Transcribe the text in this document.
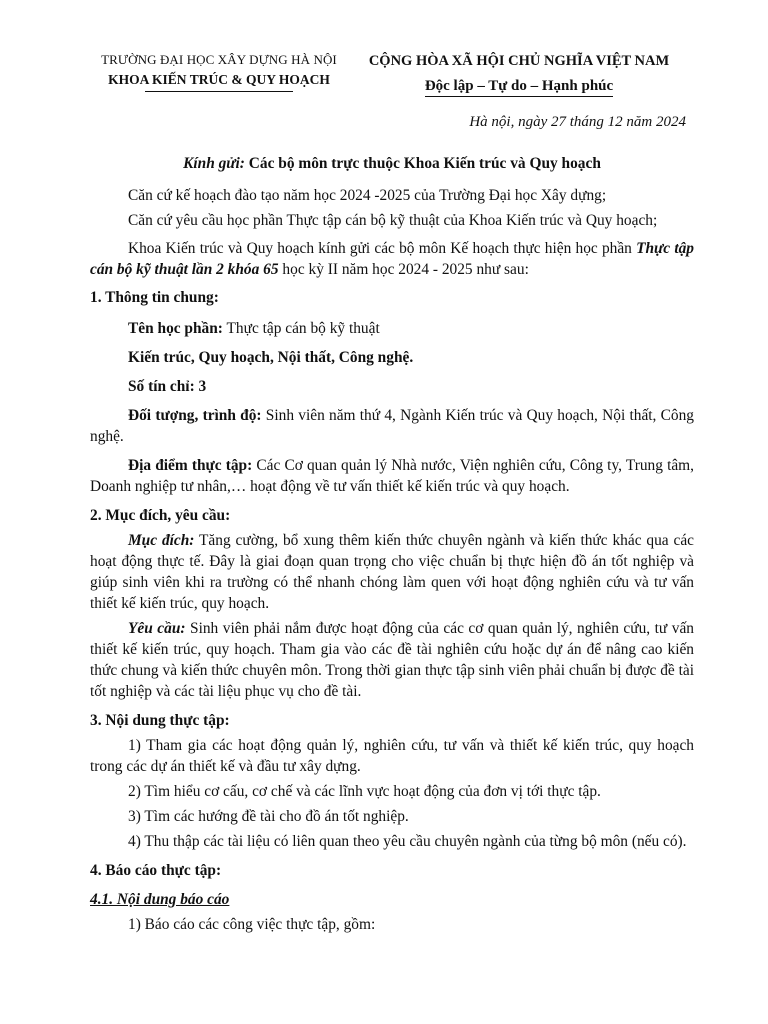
TRƯỜNG ĐẠI HỌC XÂY DỰNG HÀ NỘI
KHOA KIẾN TRÚC & QUY HOẠCH
CỘNG HÒA XÃ HỘI CHỦ NGHĨA VIỆT NAM
Độc lập – Tự do – Hạnh phúc
Hà nội, ngày 27 tháng 12 năm 2024
Kính gửi: Các bộ môn trực thuộc Khoa Kiến trúc và Quy hoạch

Căn cứ kế hoạch đào tạo năm học 2024 -2025 của Trường Đại học Xây dựng;

Căn cứ yêu cầu học phần Thực tập cán bộ kỹ thuật của Khoa Kiến trúc và Quy hoạch;

Khoa Kiến trúc và Quy hoạch kính gửi các bộ môn Kế hoạch thực hiện học phần Thực tập cán bộ kỹ thuật lần 2 khóa 65 học kỳ II năm học 2024 - 2025 như sau:

1. Thông tin chung:

Tên học phần: Thực tập cán bộ kỹ thuật

Kiến trúc, Quy hoạch, Nội thất, Công nghệ.

Số tín chỉ: 3

Đối tượng, trình độ: Sinh viên năm thứ 4, Ngành Kiến trúc và Quy hoạch, Nội thất, Công nghệ.

Địa điểm thực tập: Các Cơ quan quản lý Nhà nước, Viện nghiên cứu, Công ty, Trung tâm, Doanh nghiệp tư nhân,… hoạt động về tư vấn thiết kế kiến trúc và quy hoạch.

2. Mục đích, yêu cầu:

Mục đích: Tăng cường, bổ xung thêm kiến thức chuyên ngành và kiến thức khác qua các hoạt động thực tế. Đây là giai đoạn quan trọng cho việc chuẩn bị thực hiện đồ án tốt nghiệp và giúp sinh viên khi ra trường có thể nhanh chóng làm quen với hoạt động nghiên cứu và tư vấn thiết kế kiến trúc, quy hoạch.

Yêu cầu: Sinh viên phải nắm được hoạt động của các cơ quan quản lý, nghiên cứu, tư vấn thiết kế kiến trúc, quy hoạch. Tham gia vào các đề tài nghiên cứu hoặc dự án để nâng cao kiến thức chung và kiến thức chuyên môn. Trong thời gian thực tập sinh viên phải chuẩn bị được đề tài tốt nghiệp và các tài liệu phục vụ cho đề tài.

3. Nội dung thực tập:

1) Tham gia các hoạt động quản lý, nghiên cứu, tư vấn và thiết kế kiến trúc, quy hoạch trong các dự án thiết kế và đầu tư xây dựng.

2) Tìm hiểu cơ cấu, cơ chế và các lĩnh vực hoạt động của đơn vị tới thực tập.

3) Tìm các hướng đề tài cho đồ án tốt nghiệp.

4) Thu thập các tài liệu có liên quan theo yêu cầu chuyên ngành của từng bộ môn (nếu có).

4. Báo cáo thực tập:

4.1. Nội dung báo cáo

1) Báo cáo các công việc thực tập, gồm:
